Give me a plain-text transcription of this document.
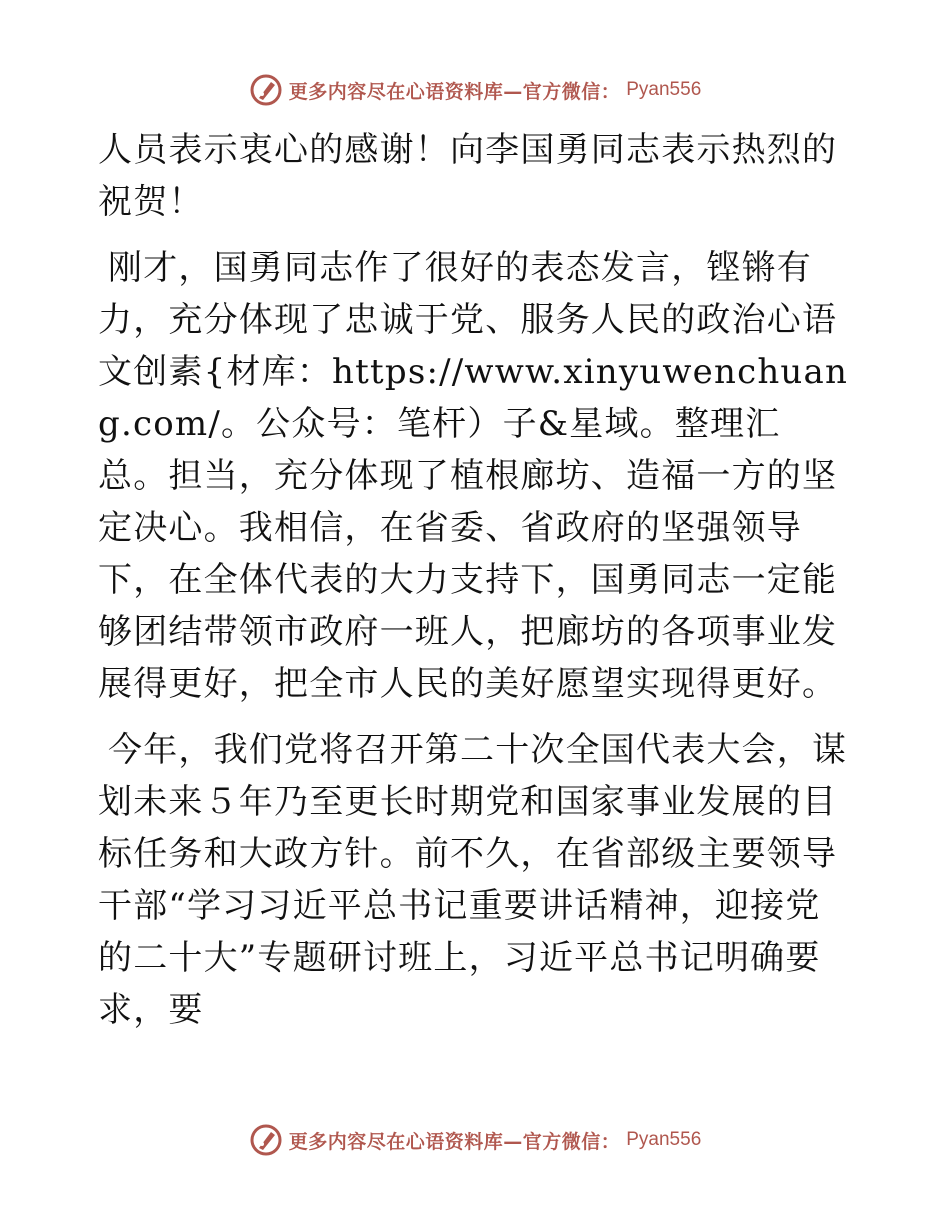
更多内容尽在心语资料库—官方微信： Pyan556

人员表示衷心的感谢！向李国勇同志表示热烈的祝贺！

刚才，国勇同志作了很好的表态发言，铿锵有力，充分体现了忠诚于党、服务人民的政治心语文创素{材库：https://www.xinyuwenchuang.com/。公众号：笔杆）子&星域。整理汇总。担当，充分体现了植根廊坊、造福一方的坚定决心。我相信，在省委、省政府的坚强领导下，在全体代表的大力支持下，国勇同志一定能够团结带领市政府一班人，把廊坊的各项事业发展得更好，把全市人民的美好愿望实现得更好。

今年，我们党将召开第二十次全国代表大会，谋划未来５年乃至更长时期党和国家事业发展的目标任务和大政方针。前不久，在省部级主要领导干部“学习习近平总书记重要讲话精神，迎接党的二十大”专题研讨班上，习近平总书记明确要求，要

更多内容尽在心语资料库—官方微信： Pyan556
